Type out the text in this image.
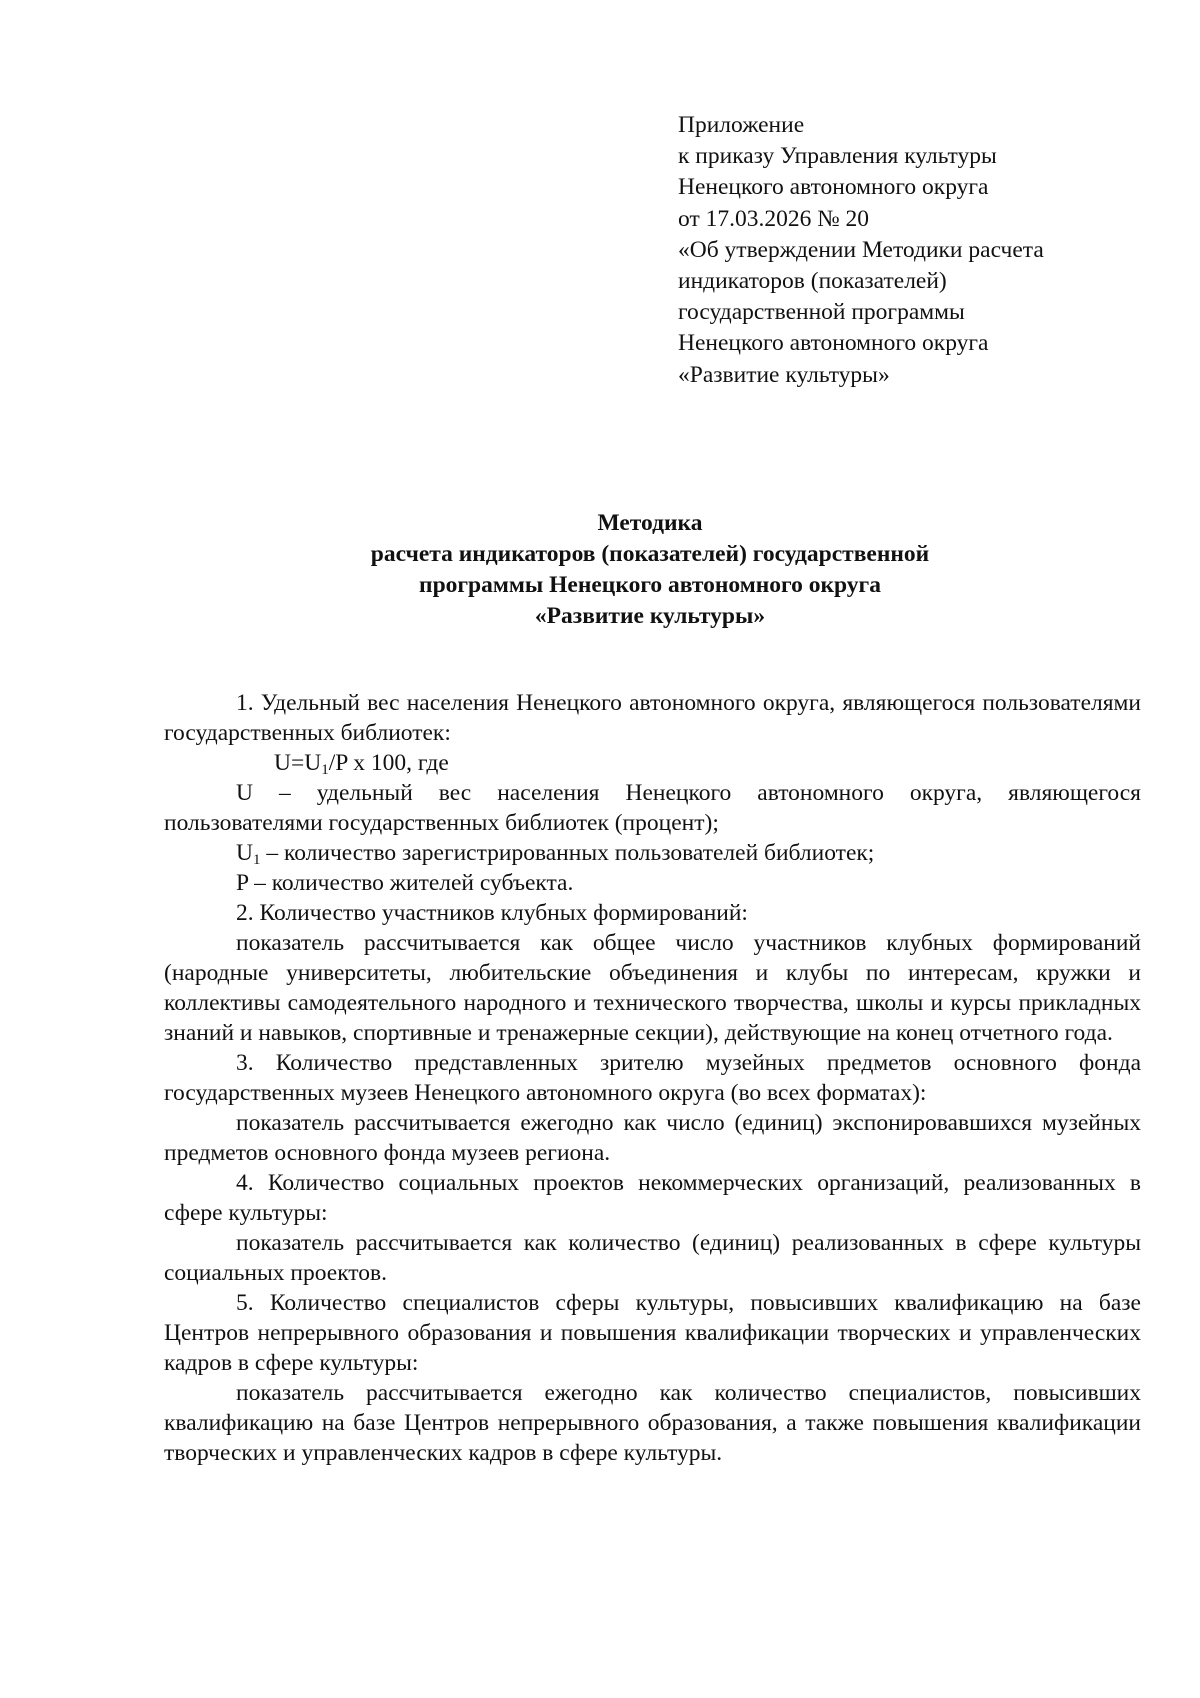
Приложение
к приказу Управления культуры
Ненецкого автономного округа
от 17.03.2026 № 20
«Об утверждении Методики расчета
индикаторов (показателей)
государственной программы
Ненецкого автономного округа
«Развитие культуры»
Методика
расчета индикаторов (показателей) государственной
программы Ненецкого автономного округа
«Развитие культуры»

1. Удельный вес населения Ненецкого автономного округа, являющегося пользователями государственных библиотек:

$U=U_1/P$ x 100, где

U – удельный вес населения Ненецкого автономного округа, являющегося пользователями государственных библиотек (процент);

$U_1$ – количество зарегистрированных пользователей библиотек;

P – количество жителей субъекта.

2. Количество участников клубных формирований:

показатель рассчитывается как общее число участников клубных формирований (народные университеты, любительские объединения и клубы по интересам, кружки и коллективы самодеятельного народного и технического творчества, школы и курсы прикладных знаний и навыков, спортивные и тренажерные секции), действующие на конец отчетного года.

3. Количество представленных зрителю музейных предметов основного фонда государственных музеев Ненецкого автономного округа (во всех форматах):

показатель рассчитывается ежегодно как число (единиц) экспонировавшихся музейных предметов основного фонда музеев региона.

4. Количество социальных проектов некоммерческих организаций, реализованных в сфере культуры:

показатель рассчитывается как количество (единиц) реализованных в сфере культуры социальных проектов.

5. Количество специалистов сферы культуры, повысивших квалификацию на базе Центров непрерывного образования и повышения квалификации творческих и управленческих кадров в сфере культуры:

показатель рассчитывается ежегодно как количество специалистов, повысивших квалификацию на базе Центров непрерывного образования, а также повышения квалификации творческих и управленческих кадров в сфере культуры.
